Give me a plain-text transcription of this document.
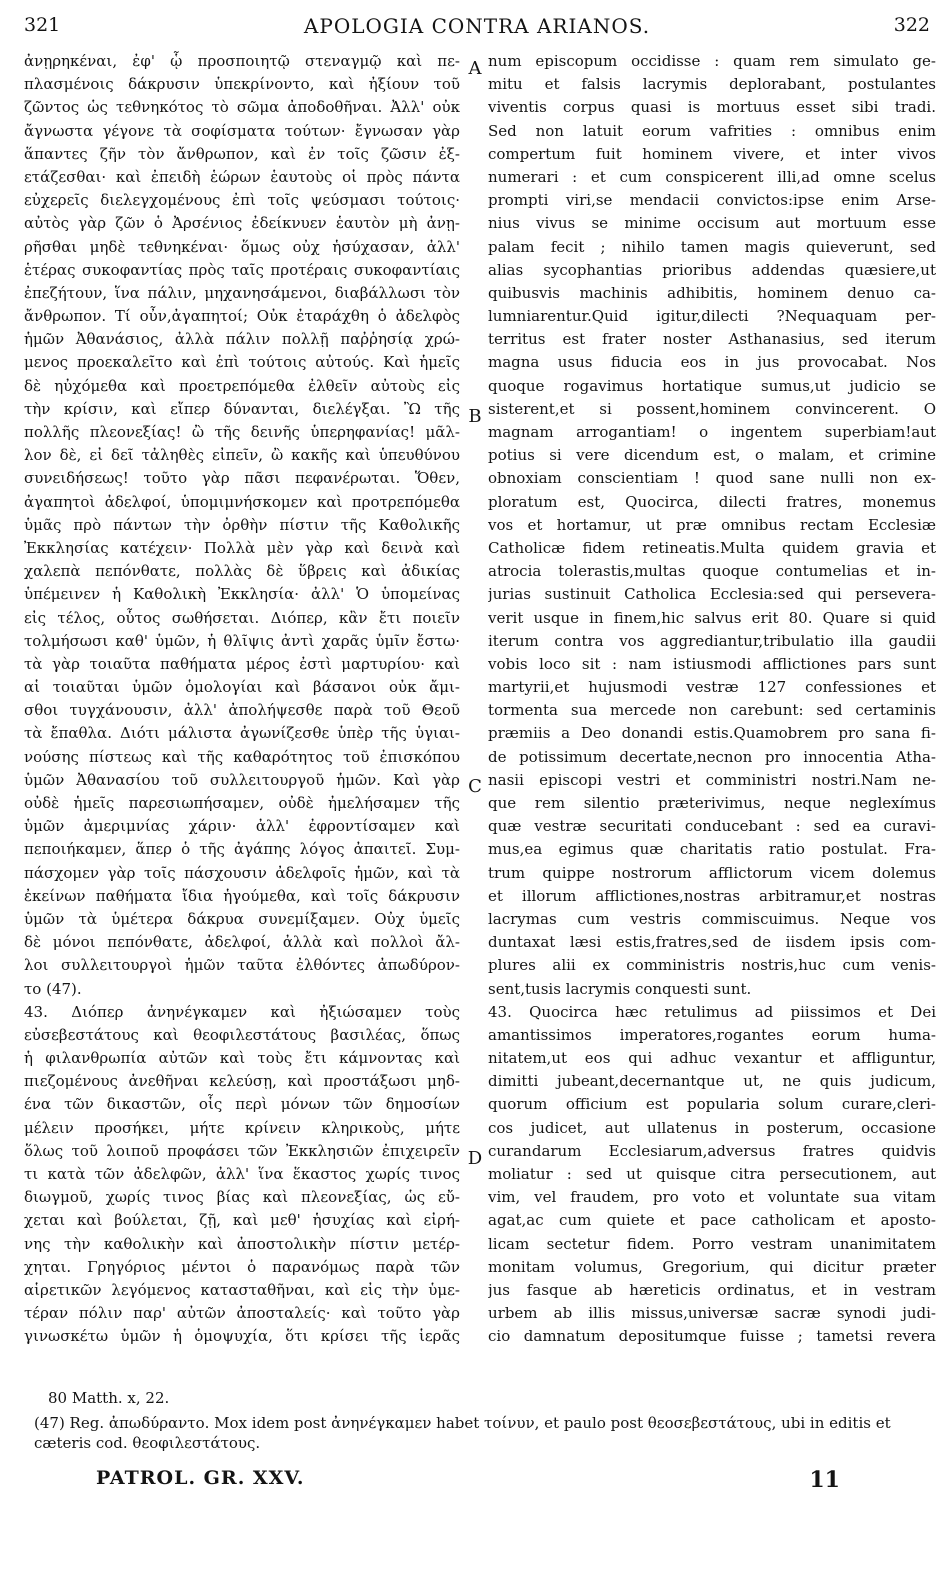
321	APOLOGIA CONTRA ARIANOS.	322
ἀνῃρηκέναι, ἐφ' ᾧ προσποιητῷ στεναγμῷ καὶ πε-
πλασμένοις δάκρυσιν ὑπεκρίνοντο, καὶ ἠξίουν τοῦ
ζῶντος ὡς τεθνηκότος τὸ σῶμα ἀποδοθῆναι. Ἀλλ' οὐκ
ἄγνωστα γέγονε τὰ σοφίσματα τούτων· ἔγνωσαν γὰρ
ἅπαντες ζῆν τὸν ἄνθρωπον, καὶ ἐν τοῖς ζῶσιν ἐξ-
ετάζεσθαι· καὶ ἐπειδὴ ἑώρων ἑαυτοὺς οἱ πρὸς πάντα
εὐχερεῖς διελεγχομένους ἐπὶ τοῖς ψεύσμασι τούτοις·
αὐτὸς γὰρ ζῶν ὁ Ἀρσένιος ἐδείκνυεν ἑαυτὸν μὴ ἀνῃ-
ρῆσθαι μηδὲ τεθνηκέναι· ὅμως οὐχ ἡσύχασαν, ἀλλ'
ἑτέρας συκοφαντίας πρὸς ταῖς προτέραις συκοφαντίαις
ἐπεζήτουν, ἵνα πάλιν, μηχανησάμενοι, διαβάλλωσι τὸν
ἄνθρωπον. Τί οὖν,ἀγαπητοί; Οὐκ ἐταράχθη ὁ ἀδελφὸς
ἡμῶν Ἀθανάσιος, ἀλλὰ πάλιν πολλῇ παῤῥησίᾳ χρώ-
μενος προεκαλεῖτο καὶ ἐπὶ τούτοις αὐτούς. Καὶ ἡμεῖς
δὲ ηὐχόμεθα καὶ προετρεπόμεθα ἐλθεῖν αὐτοὺς εἰς
τὴν κρίσιν, καὶ εἴπερ δύνανται, διελέγξαι. Ὢ τῆς
πολλῆς πλεονεξίας! ὢ τῆς δεινῆς ὑπερηφανίας! μᾶλ-
λον δὲ, εἰ δεῖ τἀληθὲς εἰπεῖν, ὢ κακῆς καὶ ὑπευθύνου
συνειδήσεως! τοῦτο γὰρ πᾶσι πεφανέρωται. Ὅθεν,
ἀγαπητοὶ ἀδελφοί, ὑπομιμνήσκομεν καὶ προτρεπόμεθα
ὑμᾶς πρὸ πάντων τὴν ὀρθὴν πίστιν τῆς Καθολικῆς
Ἐκκλησίας κατέχειν· Πολλὰ μὲν γὰρ καὶ δεινὰ καὶ
χαλεπὰ πεπόνθατε, πολλὰς δὲ ὕβρεις καὶ ἀδικίας
ὑπέμεινεν ἡ Καθολικὴ Ἐκκλησία· ἀλλ' Ὁ ὑπομείνας
εἰς τέλος, οὗτος σωθήσεται. Διόπερ, κἂν ἔτι ποιεῖν
τολμήσωσι καθ' ὑμῶν, ἡ θλῖψις ἀντὶ χαρᾶς ὑμῖν ἔστω·
τὰ γὰρ τοιαῦτα παθήματα μέρος ἐστὶ μαρτυρίου· καὶ
αἱ τοιαῦται ὑμῶν ὁμολογίαι καὶ βάσανοι οὐκ ἄμι-
σθοι τυγχάνουσιν, ἀλλ' ἀπολήψεσθε παρὰ τοῦ Θεοῦ
τὰ ἔπαθλα. Διότι μάλιστα ἀγωνίζεσθε ὑπὲρ τῆς ὑγιαι-
νούσης πίστεως καὶ τῆς καθαρότητος τοῦ ἐπισκόπου
ὑμῶν Ἀθανασίου τοῦ συλλειτουργοῦ ἡμῶν. Καὶ γὰρ
οὐδὲ ἡμεῖς παρεσιωπήσαμεν, οὐδὲ ἠμελήσαμεν τῆς
ὑμῶν ἀμεριμνίας χάριν· ἀλλ' ἐφροντίσαμεν καὶ
πεποιήκαμεν, ἅπερ ὁ τῆς ἀγάπης λόγος ἀπαιτεῖ. Συμ-
πάσχομεν γὰρ τοῖς πάσχουσιν ἀδελφοῖς ἡμῶν, καὶ τὰ
ἐκείνων παθήματα ἴδια ἡγούμεθα, καὶ τοῖς δάκρυσιν
ὑμῶν τὰ ὑμέτερα δάκρυα συνεμίξαμεν. Οὐχ ὑμεῖς
δὲ μόνοι πεπόνθατε, ἀδελφοί, ἀλλὰ καὶ πολλοὶ ἄλ-
λοι συλλειτουργοὶ ἡμῶν ταῦτα ἐλθόντες ἀπωδύρον-
το (47).
43. Διόπερ ἀνηνέγκαμεν καὶ ἠξιώσαμεν τοὺς
εὐσεβεστάτους καὶ θεοφιλεστάτους βασιλέας, ὅπως
ἡ φιλανθρωπία αὐτῶν καὶ τοὺς ἔτι κάμνοντας καὶ
πιεζομένους ἀνεθῆναι κελεύσῃ, καὶ προστάξωσι μηδ-
ένα τῶν δικαστῶν, οἷς περὶ μόνων τῶν δημοσίων
μέλειν προσήκει, μήτε κρίνειν κληρικοὺς, μήτε
ὅλως τοῦ λοιποῦ προφάσει τῶν Ἐκκλησιῶν ἐπιχειρεῖν
τι κατὰ τῶν ἀδελφῶν, ἀλλ' ἵνα ἕκαστος χωρίς τινος
διωγμοῦ, χωρίς τινος βίας καὶ πλεονεξίας, ὡς εὔ-
χεται καὶ βούλεται, ζῇ, καὶ μεθ' ἡσυχίας καὶ εἰρή-
νης τὴν καθολικὴν καὶ ἀποστολικὴν πίστιν μετέρ-
χηται. Γρηγόριος μέντοι ὁ παρανόμως παρὰ τῶν
αἱρετικῶν λεγόμενος κατασταθῆναι, καὶ εἰς τὴν ὑμε-
τέραν πόλιν παρ' αὐτῶν ἀποσταλείς· καὶ τοῦτο γὰρ
γινωσκέτω ὑμῶν ἡ ὁμοψυχία, ὅτι κρίσει τῆς ἱερᾶς
num episcopum occidisse : quam rem simulato ge-
mitu et falsis lacrymis deplorabant, postulantes
viventis corpus quasi is mortuus esset sibi tradi.
Sed non latuit eorum vafrities : omnibus enim
compertum fuit hominem vivere, et inter vivos
numerari : et cum conspicerent illi,ad omne scelus
prompti viri,se mendacii convictos:ipse enim Arse-
nius vivus se minime occisum aut mortuum esse
palam fecit ; nihilo tamen magis quieverunt, sed
alias sycophantias prioribus addendas quæsiere,ut
quibusvis machinis adhibitis, hominem denuo ca-
lumniarentur.Quid igitur,dilecti ?Nequaquam per-
territus est frater noster Asthanasius, sed iterum
magna usus fiducia eos in jus provocabat. Nos
quoque rogavimus hortatique sumus,ut judicio se
sisterent,et si possent,hominem convincerent. O
magnam arrogantiam! o ingentem superbiam!aut
potius si vere dicendum est, o malam, et crimine
obnoxiam conscientiam ! quod sane nulli non ex-
ploratum est, Quocirca, dilecti fratres, monemus
vos et hortamur, ut præ omnibus rectam Ecclesiæ
Catholicæ fidem retineatis.Multa quidem gravia et
atrocia tolerastis,multas quoque contumelias et in-
jurias sustinuit Catholica Ecclesia:sed qui persevera-
verit usque in finem,hic salvus erit 80. Quare si quid
iterum contra vos aggrediantur,tribulatio illa gaudii
vobis loco sit : nam istiusmodi afflictiones pars sunt
martyrii,et hujusmodi vestræ 127 confessiones et
tormenta sua mercede non carebunt: sed certaminis
præmiis a Deo donandi estis.Quamobrem pro sana fi-
de potissimum decertate,necnon pro innocentia Atha-
nasii episcopi vestri et comministri nostri.Nam ne-
que rem silentio præterivimus, neque neglexímus
quæ vestræ securitati conducebant : sed ea curavi-
mus,ea egimus quæ charitatis ratio postulat. Fra-
trum quippe nostrorum afflictorum vicem dolemus
et illorum afflictiones,nostras arbitramur,et nostras
lacrymas cum vestris commiscuimus. Neque vos
duntaxat læsi estis,fratres,sed de iisdem ipsis com-
plures alii ex comministris nostris,huc cum venis-
sent,tusis lacrymis conquesti sunt.
43. Quocirca hæc retulimus ad piissimos et Dei
amantissimos imperatores,rogantes eorum huma-
nitatem,ut eos qui adhuc vexantur et affliguntur,
dimitti jubeant,decernantque ut, ne quis judicum,
quorum officium est popularia solum curare,cleri-
cos judicet, aut ullatenus in posterum, occasione
curandarum Ecclesiarum,adversus fratres quidvis
moliatur : sed ut quisque citra persecutionem, aut
vim, vel fraudem, pro voto et voluntate sua vitam
agat,ac cum quiete et pace catholicam et aposto-
licam sectetur fidem. Porro vestram unanimitatem
monitam volumus, Gregorium, qui dicitur præter
jus fasque ab hæreticis ordinatus, et in vestram
urbem ab illis missus,universæ sacræ synodi judi-
cio damnatum depositumque fuisse ; tametsi revera
A
B
C
D
80 Matth. x, 22.
(47) Reg. ἀπωδύραντο. Mox idem post ἀνηνέγκαμεν habet τοίνυν, et paulo post θεοσεβεστάτους, ubi in editis et cæteris cod. θεοφιλεστάτους.
PATROL. GR. XXV.	11
